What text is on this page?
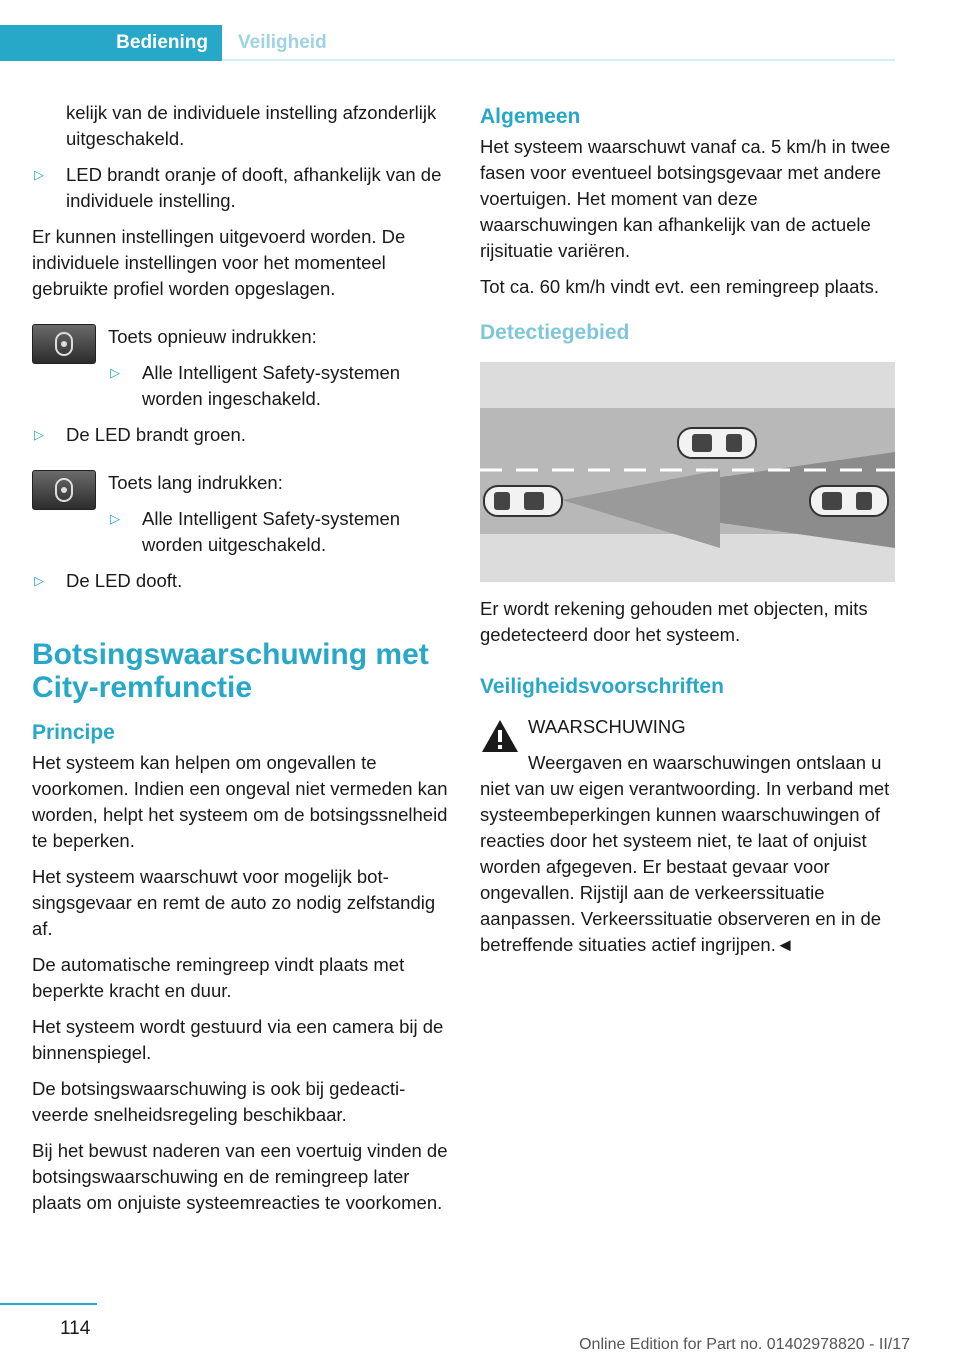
Bediening	Veiligheid

kelijk van de individuele instelling afzonderlijk uitgeschakeld.

▷ LED brandt oranje of dooft, afhankelijk van de individuele instelling.

Er kunnen instellingen uitgevoerd worden. De individuele instellingen voor het momenteel gebruikte profiel worden opgeslagen.

Toets opnieuw indrukken:

▷ Alle Intelligent Safety-systemen worden ingeschakeld.
▷ De LED brandt groen.

Toets lang indrukken:

▷ Alle Intelligent Safety-systemen worden uitgeschakeld.
▷ De LED dooft.
Botsingswaarschuwing met City-remfunctie
Principe

Het systeem kan helpen om ongevallen te voorkomen. Indien een ongeval niet vermeden kan worden, helpt het systeem om de botsingssnelheid te beperken.

Het systeem waarschuwt voor mogelijk botsingsgevaar en remt de auto zo nodig zelfstandig af.

De automatische remingreep vindt plaats met beperkte kracht en duur.

Het systeem wordt gestuurd via een camera bij de binnenspiegel.

De botsingswaarschuwing is ook bij gedeactiveerde snelheidsregeling beschikbaar.

Bij het bewust naderen van een voertuig vinden de botsingswaarschuwing en de remingreep later plaats om onjuiste systeemreacties te voorkomen.

Algemeen

Het systeem waarschuwt vanaf ca. 5 km/h in twee fasen voor eventueel botsingsgevaar met andere voertuigen. Het moment van deze waarschuwingen kan afhankelijk van de actuele rijsituatie variëren.

Tot ca. 60 km/h vindt evt. een remingreep plaats.

Detectiegebied

Er wordt rekening gehouden met objecten, mits gedetecteerd door het systeem.

Veiligheidsvoorschriften

WAARSCHUWING

Weergaven en waarschuwingen ontslaan u niet van uw eigen verantwoording. In verband met systeembeperkingen kunnen waarschuwingen of reacties door het systeem niet, te laat of onjuist worden afgegeven. Er bestaat gevaar voor ongevallen. Rijstijl aan de verkeerssituatie aanpassen. Verkeerssituatie observeren en in de betreffende situaties actief ingrijpen.◄

114
Online Edition for Part no. 01402978820 - II/17
